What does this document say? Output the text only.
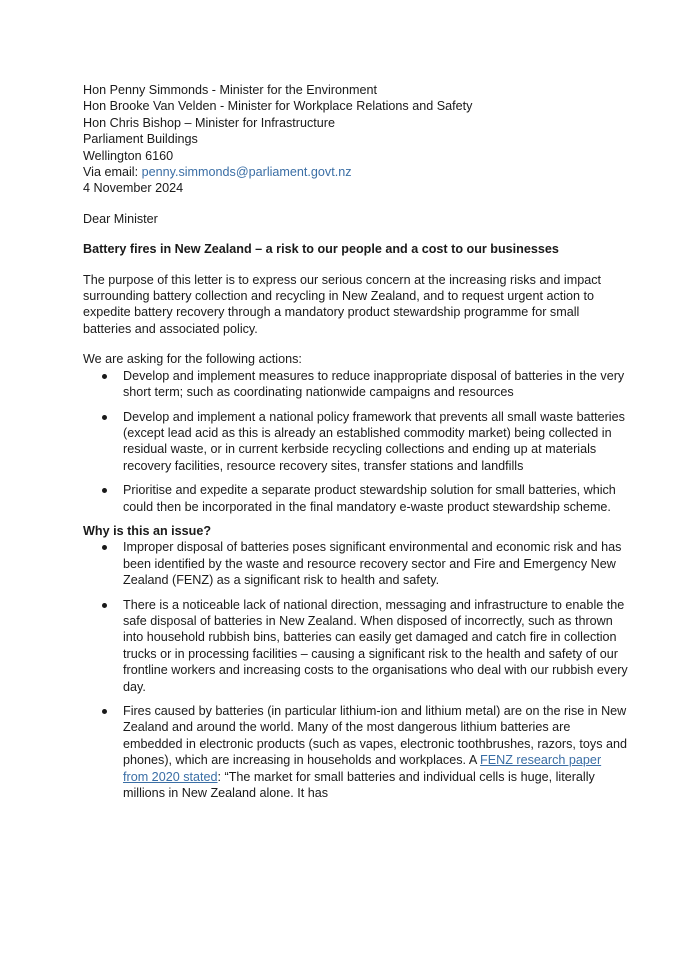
Hon Penny Simmonds - Minister for the Environment
Hon Brooke Van Velden - Minister for Workplace Relations and Safety
Hon Chris Bishop – Minister for Infrastructure
Parliament Buildings
Wellington 6160
Via email: penny.simmonds@parliament.govt.nz
4 November 2024

Dear Minister

Battery fires in New Zealand – a risk to our people and a cost to our businesses

The purpose of this letter is to express our serious concern at the increasing risks and impact surrounding battery collection and recycling in New Zealand, and to request urgent action to expedite battery recovery through a mandatory product stewardship programme for small batteries and associated policy.

We are asking for the following actions:

Develop and implement measures to reduce inappropriate disposal of batteries in the very short term; such as coordinating nationwide campaigns and resources
Develop and implement a national policy framework that prevents all small waste batteries (except lead acid as this is already an established commodity market) being collected in residual waste, or in current kerbside recycling collections and ending up at materials recovery facilities, resource recovery sites, transfer stations and landfills
Prioritise and expedite a separate product stewardship solution for small batteries, which could then be incorporated in the final mandatory e-waste product stewardship scheme.

Why is this an issue?

Improper disposal of batteries poses significant environmental and economic risk and has been identified by the waste and resource recovery sector and Fire and Emergency New Zealand (FENZ) as a significant risk to health and safety.
There is a noticeable lack of national direction, messaging and infrastructure to enable the safe disposal of batteries in New Zealand. When disposed of incorrectly, such as thrown into household rubbish bins, batteries can easily get damaged and catch fire in collection trucks or in processing facilities – causing a significant risk to the health and safety of our frontline workers and increasing costs to the organisations who deal with our rubbish every day.
Fires caused by batteries (in particular lithium-ion and lithium metal) are on the rise in New Zealand and around the world. Many of the most dangerous lithium batteries are embedded in electronic products (such as vapes, electronic toothbrushes, razors, toys and phones), which are increasing in households and workplaces. A FENZ research paper from 2020 stated: “The market for small batteries and individual cells is huge, literally millions in New Zealand alone. It has
